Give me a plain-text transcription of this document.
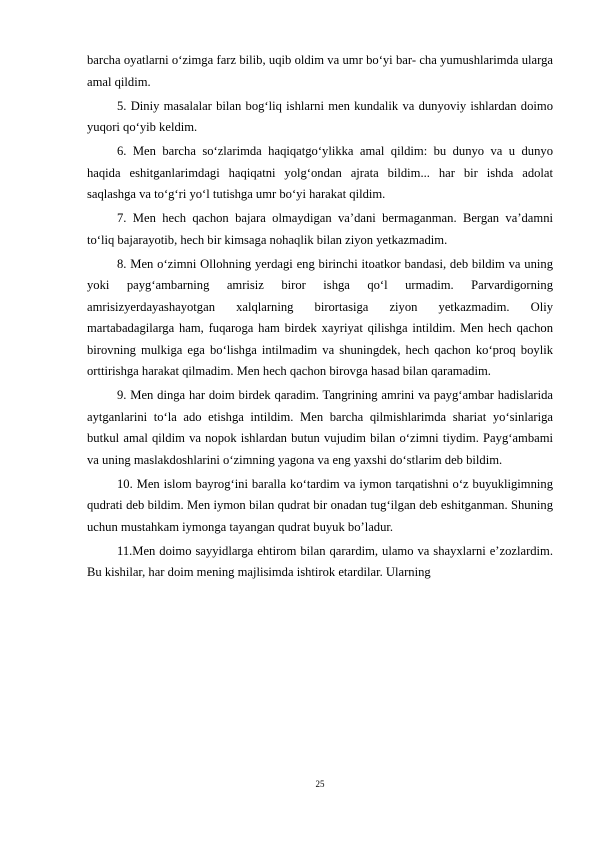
barcha oyatlarni o‘zimga farz bilib, uqib oldim va umr bo‘yi bar- cha yumushlarimda ularga amal qildim.

5. Diniy masalalar bilan bog‘liq ishlarni men kundalik va dunyoviy ishlardan doimo yuqori qo‘yib keldim.

6. Men barcha so‘zlarimda haqiqatgo‘ylikka amal qildim: bu dunyo va u dunyo haqida eshitganlarimdagi haqiqatni yolg‘ondan ajrata bildim... har bir ishda adolat saqlashga va to‘g‘ri yo‘l tutishga umr bo‘yi harakat qildim.

7. Men hech qachon bajara olmaydigan va’dani bermaganman. Bergan va’damni to‘liq bajarayotib, hech bir kimsaga nohaqlik bilan ziyon yetkazmadim.

8. Men o‘zimni Ollohning yerdagi eng birinchi itoatkor bandasi, deb bildim va uning yoki payg‘ambarning amrisiz biror ishga qo‘l urmadim. Parvardigorning amrisizyerdayashayotgan xalqlarning birortasiga ziyon yetkazmadim. Oliy martabadagilarga ham, fuqaroga ham birdek xayriyat qilishga intildim. Men hech qachon birovning mulkiga ega bo‘lishga intilmadim va shuningdek, hech qachon ko‘proq boylik orttirishga harakat qilmadim. Men hech qachon birovga hasad bilan qaramadim.

9. Men dinga har doim birdek qaradim. Tangrining amrini va payg‘ambar hadislarida aytganlarini to‘la ado etishga intildim. Men barcha qilmishlarimda shariat yo‘sinlariga butkul amal qildim va nopok ishlardan butun vujudim bilan o‘zimni tiydim. Payg‘ambami va uning maslakdoshlarini o‘zimning yagona va eng yaxshi do‘stlarim deb bildim.

10. Men islom bayrog‘ini baralla ko‘tardim va iymon tarqatishni o‘z buyukligimning qudrati deb bildim. Men iymon bilan qudrat bir onadan tug‘ilgan deb eshitganman. Shuning uchun mustahkam iymonga tayangan qudrat buyuk bo’ladur.

11.Men doimo sayyidlarga ehtirom bilan qarardim, ulamo va shayxlarni e’zozlardim. Bu kishilar, har doim mening majlisimda ishtirok etardilar. Ularning

25
